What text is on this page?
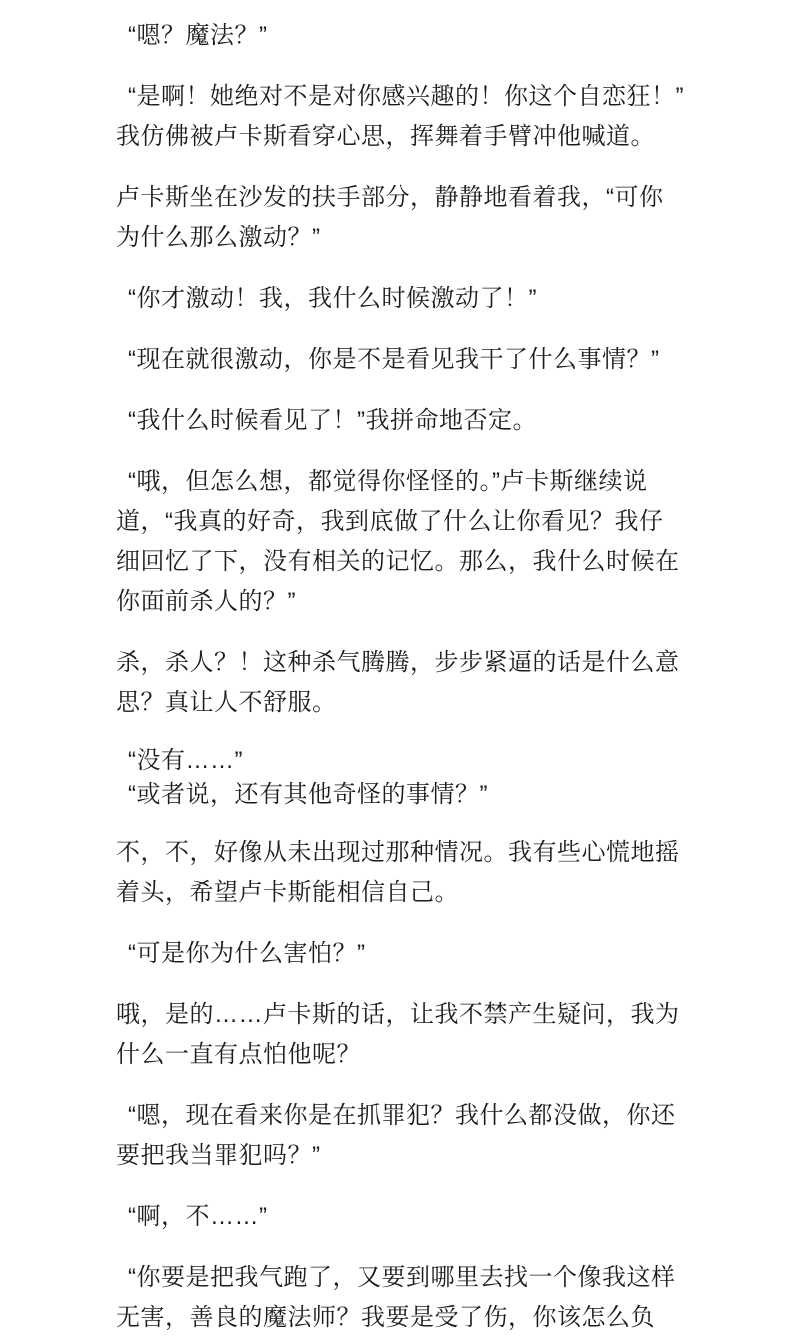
“嗯？魔法？”

“是啊！她绝对不是对你感兴趣的！你这个自恋狂！”
我仿佛被卢卡斯看穿心思，挥舞着手臂冲他喊道。

卢卡斯坐在沙发的扶手部分，静静地看着我，“可你
为什么那么激动？”

“你才激动！我，我什么时候激动了！”

“现在就很激动，你是不是看见我干了什么事情？”

“我什么时候看见了！”我拼命地否定。

“哦，但怎么想，都觉得你怪怪的。”卢卡斯继续说
道，“我真的好奇，我到底做了什么让你看见？我仔
细回忆了下，没有相关的记忆。那么，我什么时候在
你面前杀人的？”

杀，杀人？！这种杀气腾腾，步步紧逼的话是什么意
思？真让人不舒服。

“没有……”
“或者说，还有其他奇怪的事情？”

不，不，好像从未出现过那种情况。我有些心慌地摇
着头，希望卢卡斯能相信自己。

“可是你为什么害怕？”

哦，是的……卢卡斯的话，让我不禁产生疑问，我为
什么一直有点怕他呢？

“嗯，现在看来你是在抓罪犯？我什么都没做，你还
要把我当罪犯吗？”

“啊，不……”

“你要是把我气跑了，又要到哪里去找一个像我这样
无害，善良的魔法师？我要是受了伤，你该怎么负
